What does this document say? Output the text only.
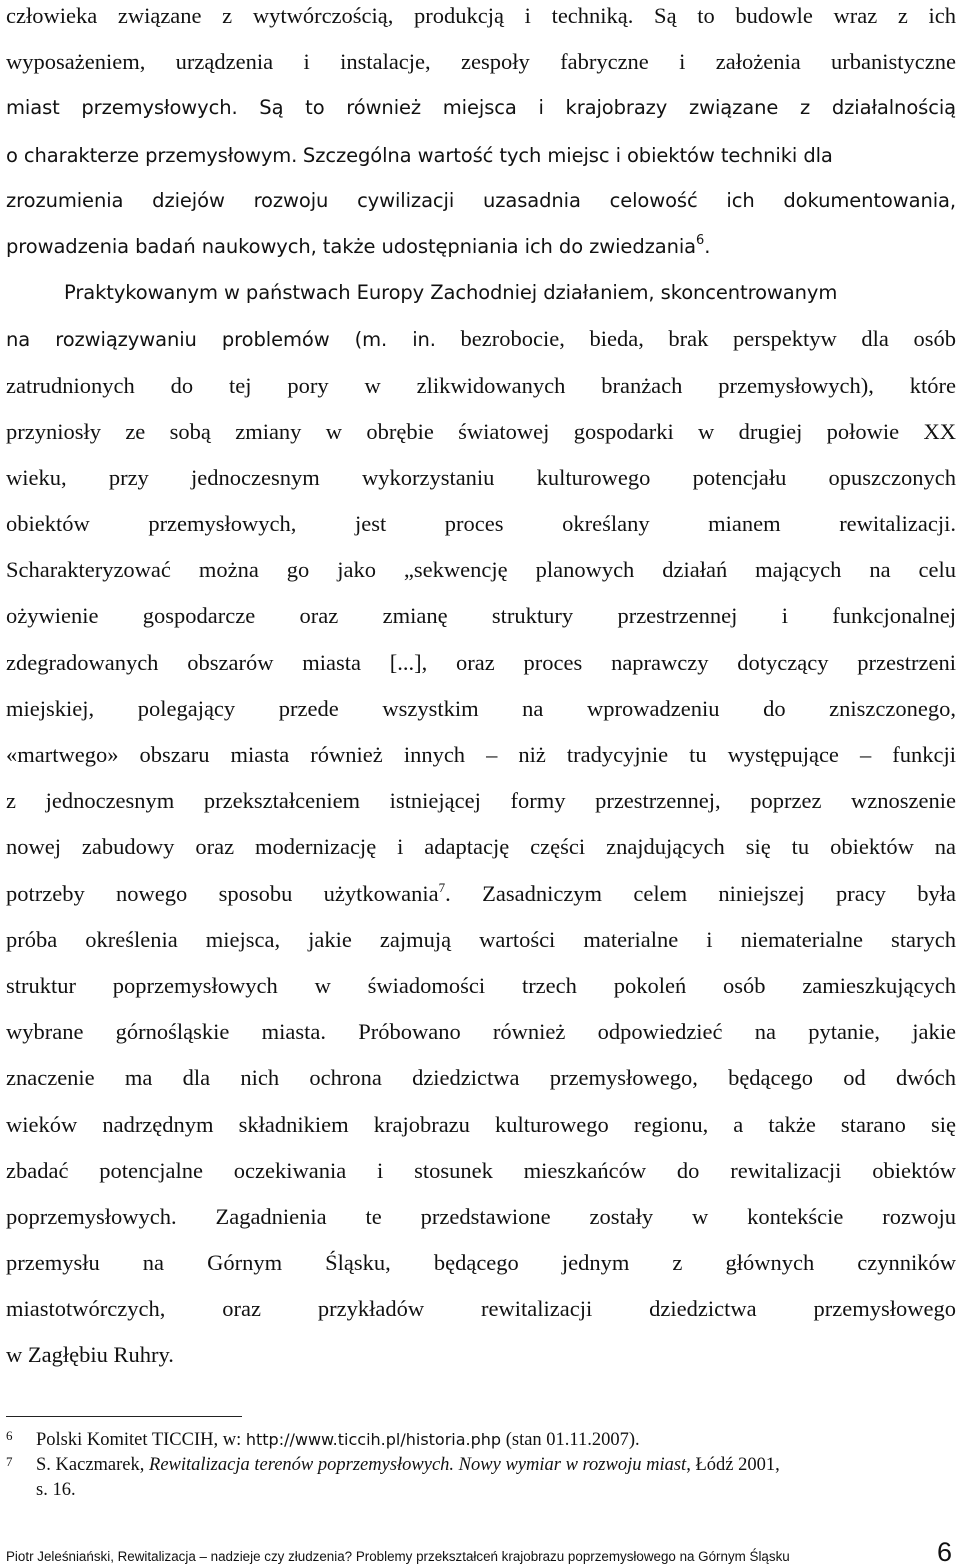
człowieka związane z wytwórczością, produkcją i techniką. Są to budowle wraz z ich
wyposażeniem, urządzenia i instalacje, zespoły fabryczne i założenia urbanistyczne
miast przemysłowych. Są to również miejsca i krajobrazy związane z działalnością
o charakterze przemysłowym. Szczególna wartość tych miejsc i obiektów techniki dla
zrozumienia dziejów rozwoju cywilizacji uzasadnia celowość ich dokumentowania,
prowadzenia badań naukowych, także udostępniania ich do zwiedzania$^6$.
Praktykowanym w państwach Europy Zachodniej działaniem, skoncentrowanym
na rozwiązywaniu problemów (m. in. bezrobocie, bieda, brak perspektyw dla osób
zatrudnionych do tej pory w zlikwidowanych branżach przemysłowych), które
przyniosły ze sobą zmiany w obrębie światowej gospodarki w drugiej połowie XX
wieku, przy jednoczesnym wykorzystaniu kulturowego potencjału opuszczonych
obiektów przemysłowych, jest proces określany mianem rewitalizacji.
Scharakteryzować można go jako „sekwencję planowych działań mających na celu
ożywienie gospodarcze oraz zmianę struktury przestrzennej i funkcjonalnej
zdegradowanych obszarów miasta [...], oraz proces naprawczy dotyczący przestrzeni
miejskiej, polegający przede wszystkim na wprowadzeniu do zniszczonego,
«martwego» obszaru miasta również innych – niż tradycyjnie tu występujące – funkcji
z jednoczesnym przekształceniem istniejącej formy przestrzennej, poprzez wznoszenie
nowej zabudowy oraz modernizację i adaptację części znajdujących się tu obiektów na
potrzeby nowego sposobu użytkowania$^7$. Zasadniczym celem niniejszej pracy była
próba określenia miejsca, jakie zajmują wartości materialne i niematerialne starych
struktur poprzemysłowych w świadomości trzech pokoleń osób zamieszkujących
wybrane górnośląskie miasta. Próbowano również odpowiedzieć na pytanie, jakie
znaczenie ma dla nich ochrona dziedzictwa przemysłowego, będącego od dwóch
wieków nadrzędnym składnikiem krajobrazu kulturowego regionu, a także starano się
zbadać potencjalne oczekiwania i stosunek mieszkańców do rewitalizacji obiektów
poprzemysłowych. Zagadnienia te przedstawione zostały w kontekście rozwoju
przemysłu na Górnym Śląsku, będącego jednym z głównych czynników
miastotwórczych, oraz przykładów rewitalizacji dziedzictwa przemysłowego
w Zagłębiu Ruhry.
6 Polski Komitet TICCIH, w: http://www.ticcih.pl/historia.php (stan 01.11.2007).
7 S. Kaczmarek, Rewitalizacja terenów poprzemysłowych. Nowy wymiar w rozwoju miast, Łódź 2001,
s. 16.
Piotr Jeleśniański, Rewitalizacja – nadzieje czy złudzenia? Problemy przekształceń krajobrazu poprzemysłowego na Górnym Śląsku	6
